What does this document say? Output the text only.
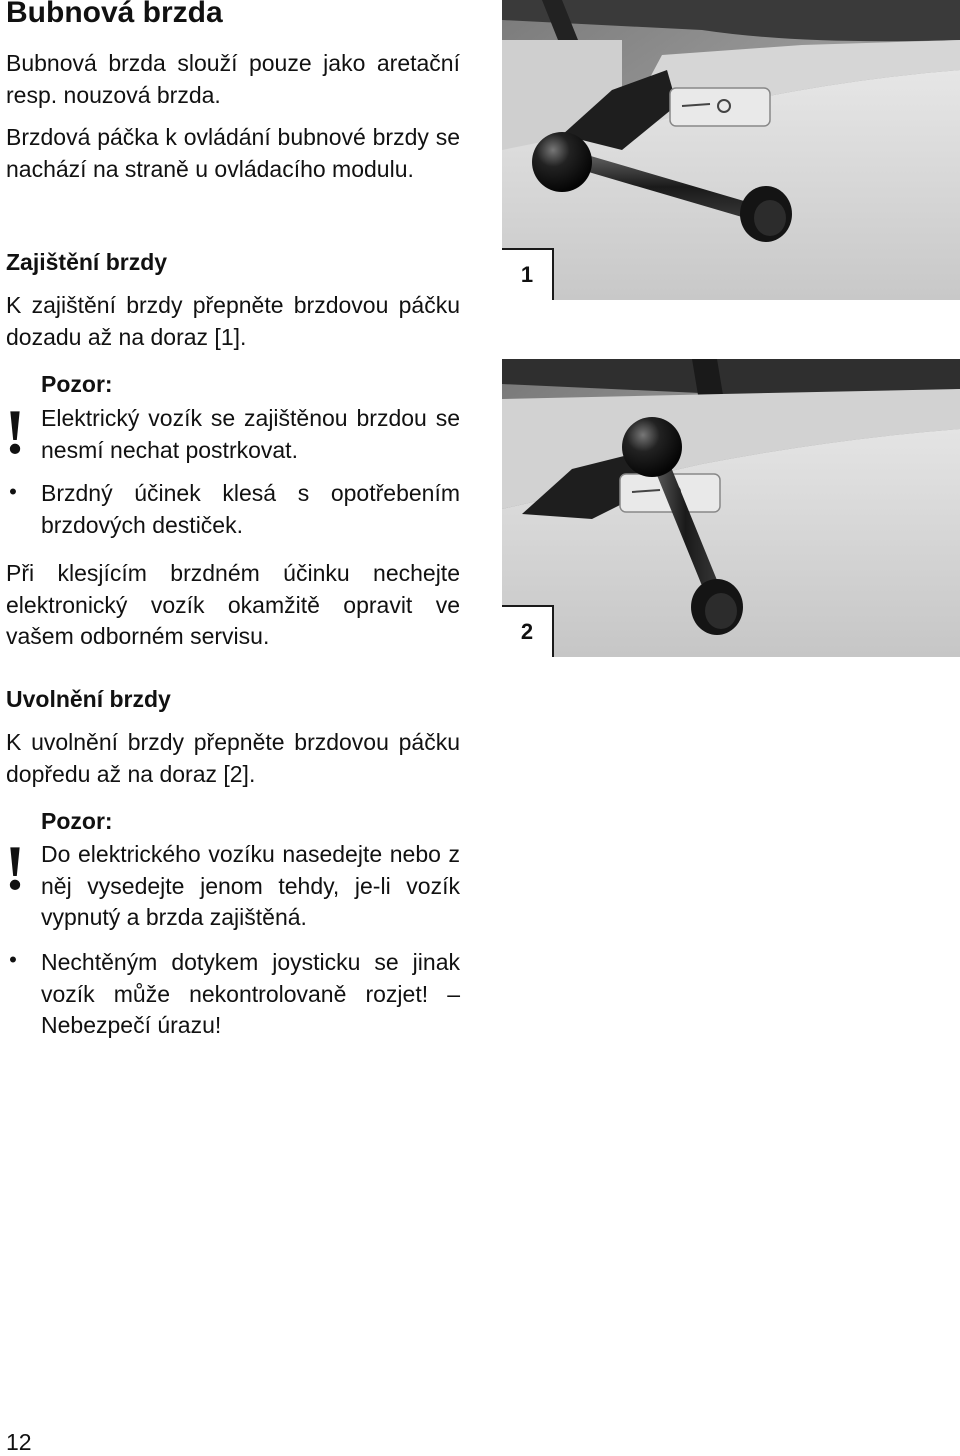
Bubnová brzda

Bubnová brzda slouží pouze jako aretační resp. nouzová brzda.

Brzdová páčka k ovládání bubnové brzdy se nachází na straně u ovládacího modulu.

Zajištění brzdy

K zajištění brzdy přepněte brzdovou páčku dozadu až na doraz [1].

!
Pozor:

Elektrický vozík se zajištěnou brzdou se nesmí nechat postrkovat.

• Brzdný účinek klesá s opotřebením brzdových destiček.

Při klesjícím brzdném účinku nechejte elektronický vozík okamžitě opravit ve vašem odborném servisu.

Uvolnění brzdy

K uvolnění brzdy přepněte brzdovou páčku dopředu až na doraz [2].

!
Pozor:

Do elektrického vozíku nasedejte nebo z něj vysedejte jenom tehdy, je-li vozík vypnutý a brzda zajištěná.

• Nechtěným dotykem joysticku se jinak vozík může nekontrolovaně rozjet! – Nebezpečí úrazu!

1
2
12
